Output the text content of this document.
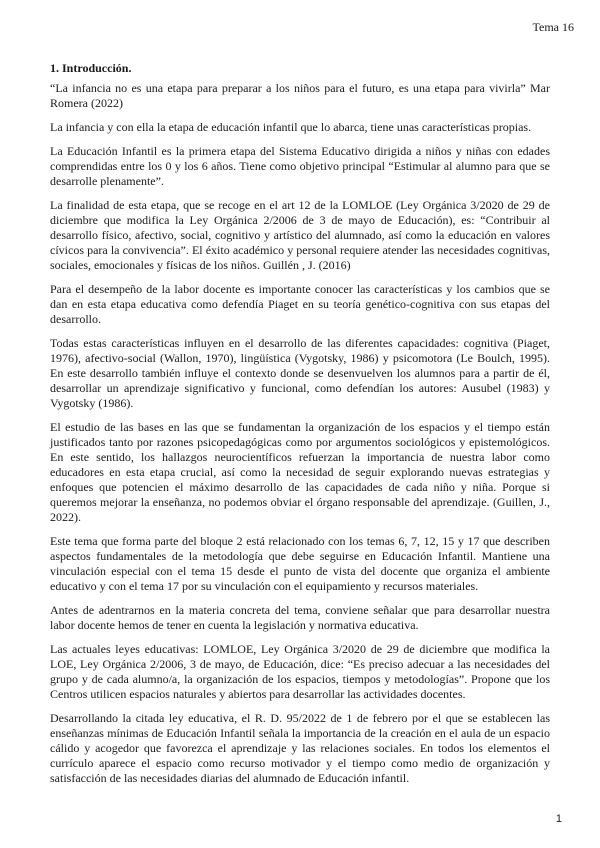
Tema 16
1. Introducción.

“La infancia no es una etapa para preparar a los niños para el futuro, es una etapa para vivirla” Mar Romera (2022)

La infancia y con ella la etapa de educación infantil que lo abarca, tiene unas características propias.

La Educación Infantil es la primera etapa del Sistema Educativo dirigida a niños y niñas con edades comprendidas entre los 0 y los 6 años. Tiene como objetivo principal “Estimular al alumno para que se desarrolle plenamente”.

La finalidad de esta etapa, que se recoge en el art 12 de la LOMLOE (Ley Orgánica 3/2020 de 29 de diciembre que modifica la Ley Orgánica 2/2006 de 3 de mayo de Educación), es: “Contribuir al desarrollo físico, afectivo, social, cognitivo y artístico del alumnado, así como la educación en valores cívicos para la convivencia”. El éxito académico y personal requiere atender las necesidades cognitivas, sociales, emocionales y físicas de los niños. Guillén , J. (2016)

Para el desempeño de la labor docente es importante conocer las características y los cambios que se dan en esta etapa educativa como defendía Piaget en su teoría genético-cognitiva con sus etapas del desarrollo.

Todas estas características influyen en el desarrollo de las diferentes capacidades: cognitiva (Piaget, 1976), afectivo-social (Wallon, 1970), lingüística (Vygotsky, 1986) y psicomotora (Le Boulch, 1995). En este desarrollo también influye el contexto donde se desenvuelven los alumnos para a partir de él, desarrollar un aprendizaje significativo y funcional, como defendían los autores: Ausubel (1983) y Vygotsky (1986).

El estudio de las bases en las que se fundamentan la organización de los espacios y el tiempo están justificados tanto por razones psicopedagógicas como por argumentos sociológicos y epistemológicos. En este sentido, los hallazgos neurocientíficos refuerzan la importancia de nuestra labor como educadores en esta etapa crucial, así como la necesidad de seguir explorando nuevas estrategias y enfoques que potencien el máximo desarrollo de las capacidades de cada niño y niña. Porque si queremos mejorar la enseñanza, no podemos obviar el órgano responsable del aprendizaje. (Guillen, J., 2022).

Este tema que forma parte del bloque 2 está relacionado con los temas 6, 7, 12, 15 y 17 que describen aspectos fundamentales de la metodología que debe seguirse en Educación Infantil. Mantiene una vinculación especial con el tema 15 desde el punto de vista del docente que organiza el ambiente educativo y con el tema 17 por su vinculación con el equipamiento y recursos materiales.

Antes de adentrarnos en la materia concreta del tema, conviene señalar que para desarrollar nuestra labor docente hemos de tener en cuenta la legislación y normativa educativa.

Las actuales leyes educativas: LOMLOE, Ley Orgánica 3/2020 de 29 de diciembre que modifica la LOE, Ley Orgánica 2/2006, 3 de mayo, de Educación, dice: “Es preciso adecuar a las necesidades del grupo y de cada alumno/a, la organización de los espacios, tiempos y metodologías”. Propone que los Centros utilicen espacios naturales y abiertos para desarrollar las actividades docentes.

Desarrollando la citada ley educativa, el R. D. 95/2022 de 1 de febrero por el que se establecen las enseñanzas mínimas de Educación Infantil señala la importancia de la creación en el aula de un espacio cálido y acogedor que favorezca el aprendizaje y las relaciones sociales. En todos los elementos el currículo aparece el espacio como recurso motivador y el tiempo como medio de organización y satisfacción de las necesidades diarias del alumnado de Educación infantil.

1
